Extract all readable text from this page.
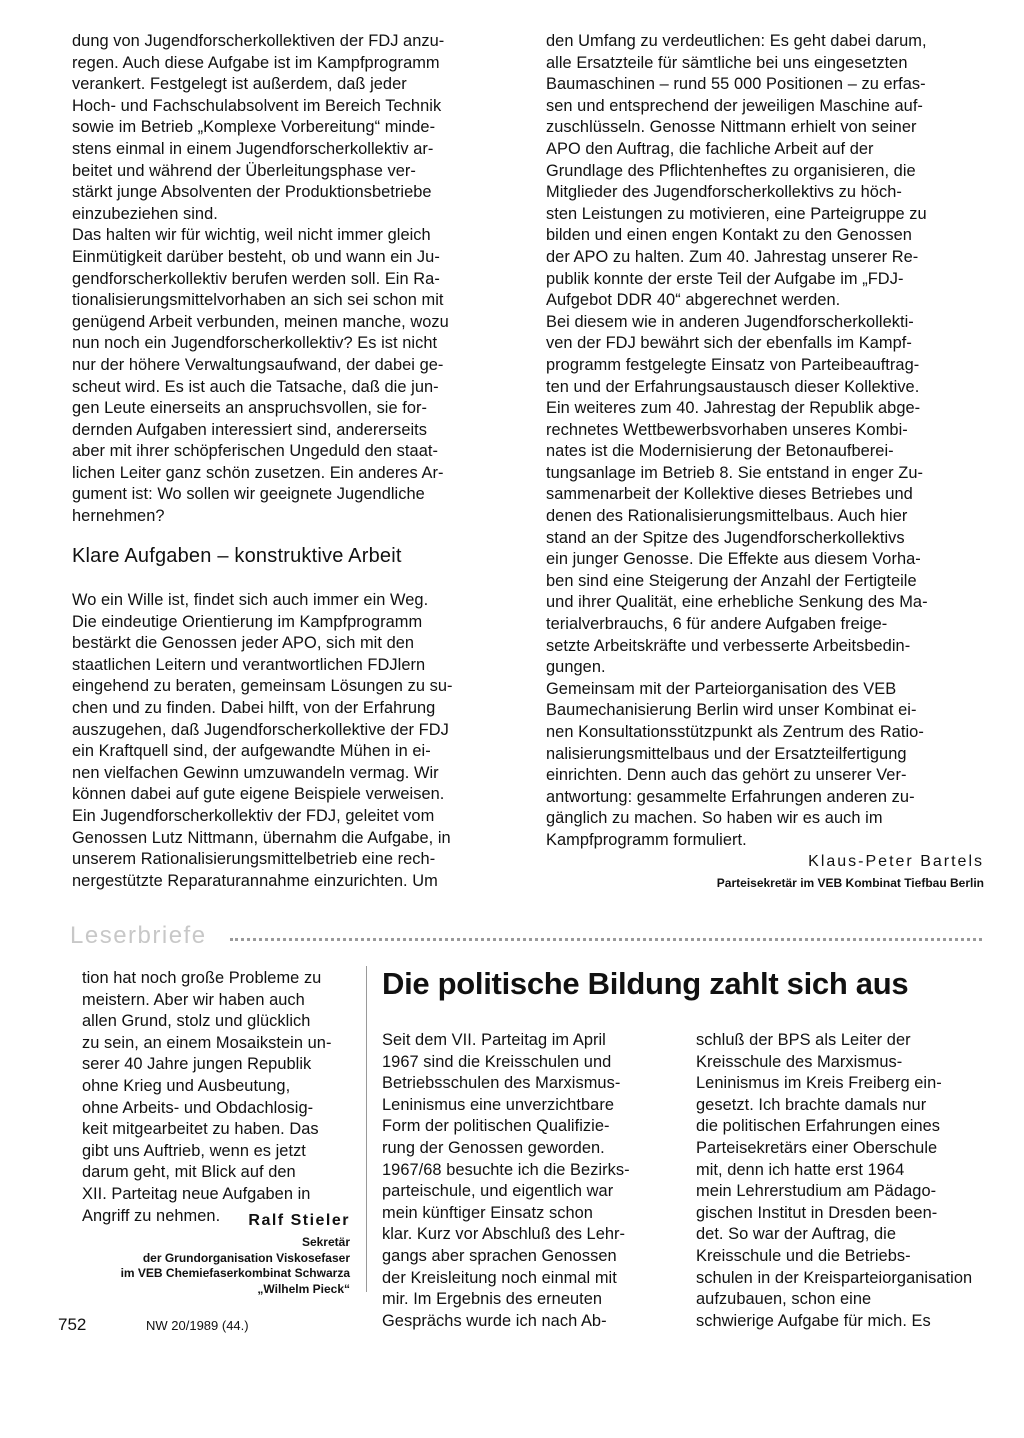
dung von Jugendforscherkollektiven der FDJ anzu-
regen. Auch diese Aufgabe ist im Kampfprogramm
verankert. Festgelegt ist außerdem, daß jeder
Hoch- und Fachschulabsolvent im Bereich Technik
sowie im Betrieb „Komplexe Vorbereitung“ minde-
stens einmal in einem Jugendforscherkollektiv ar-
beitet und während der Überleitungsphase ver-
stärkt junge Absolventen der Produktionsbetriebe
einzubeziehen sind.
Das halten wir für wichtig, weil nicht immer gleich
Einmütigkeit darüber besteht, ob und wann ein Ju-
gendforscherkollektiv berufen werden soll. Ein Ra-
tionalisierungsmittelvorhaben an sich sei schon mit
genügend Arbeit verbunden, meinen manche, wozu
nun noch ein Jugendforscherkollektiv? Es ist nicht
nur der höhere Verwaltungsaufwand, der dabei ge-
scheut wird. Es ist auch die Tatsache, daß die jun-
gen Leute einerseits an anspruchsvollen, sie for-
dernden Aufgaben interessiert sind, andererseits
aber mit ihrer schöpferischen Ungeduld den staat-
lichen Leiter ganz schön zusetzen. Ein anderes Ar-
gument ist: Wo sollen wir geeignete Jugendliche
hernehmen?

Klare Aufgaben – konstruktive Arbeit

Wo ein Wille ist, findet sich auch immer ein Weg.
Die eindeutige Orientierung im Kampfprogramm
bestärkt die Genossen jeder APO, sich mit den
staatlichen Leitern und verantwortlichen FDJlern
eingehend zu beraten, gemeinsam Lösungen zu su-
chen und zu finden. Dabei hilft, von der Erfahrung
auszugehen, daß Jugendforscherkollektive der FDJ
ein Kraftquell sind, der aufgewandte Mühen in ei-
nen vielfachen Gewinn umzuwandeln vermag. Wir
können dabei auf gute eigene Beispiele verweisen.
Ein Jugendforscherkollektiv der FDJ, geleitet vom
Genossen Lutz Nittmann, übernahm die Aufgabe, in
unserem Rationalisierungsmittelbetrieb eine rech-
nergestützte Reparaturannahme einzurichten. Um

den Umfang zu verdeutlichen: Es geht dabei darum,
alle Ersatzteile für sämtliche bei uns eingesetzten
Baumaschinen – rund 55 000 Positionen – zu erfas-
sen und entsprechend der jeweiligen Maschine auf-
zuschlüsseln. Genosse Nittmann erhielt von seiner
APO den Auftrag, die fachliche Arbeit auf der
Grundlage des Pflichtenheftes zu organisieren, die
Mitglieder des Jugendforscherkollektivs zu höch-
sten Leistungen zu motivieren, eine Parteigruppe zu
bilden und einen engen Kontakt zu den Genossen
der APO zu halten. Zum 40. Jahrestag unserer Re-
publik konnte der erste Teil der Aufgabe im „FDJ-
Aufgebot DDR 40“ abgerechnet werden.
Bei diesem wie in anderen Jugendforscherkollekti-
ven der FDJ bewährt sich der ebenfalls im Kampf-
programm festgelegte Einsatz von Parteibeauftrag-
ten und der Erfahrungsaustausch dieser Kollektive.
Ein weiteres zum 40. Jahrestag der Republik abge-
rechnetes Wettbewerbsvorhaben unseres Kombi-
nates ist die Modernisierung der Betonaufberei-
tungsanlage im Betrieb 8. Sie entstand in enger Zu-
sammenarbeit der Kollektive dieses Betriebes und
denen des Rationalisierungsmittelbaus. Auch hier
stand an der Spitze des Jugendforscherkollektivs
ein junger Genosse. Die Effekte aus diesem Vorha-
ben sind eine Steigerung der Anzahl der Fertigteile
und ihrer Qualität, eine erhebliche Senkung des Ma-
terialverbrauchs, 6 für andere Aufgaben freige-
setzte Arbeitskräfte und verbesserte Arbeitsbedin-
gungen.
Gemeinsam mit der Parteiorganisation des VEB
Baumechanisierung Berlin wird unser Kombinat ei-
nen Konsultationsstützpunkt als Zentrum des Ratio-
nalisierungsmittelbaus und der Ersatzteilfertigung
einrichten. Denn auch das gehört zu unserer Ver-
antwortung: gesammelte Erfahrungen anderen zu-
gänglich zu machen. So haben wir es auch im
Kampfprogramm formuliert.

Klaus-Peter Bartels

Parteisekretär im VEB Kombinat Tiefbau Berlin

Leserbriefe

tion hat noch große Probleme zu
meistern. Aber wir haben auch
allen Grund, stolz und glücklich
zu sein, an einem Mosaikstein un-
serer 40 Jahre jungen Republik
ohne Krieg und Ausbeutung,
ohne Arbeits- und Obdachlosig-
keit mitgearbeitet zu haben. Das
gibt uns Auftrieb, wenn es jetzt
darum geht, mit Blick auf den
XII. Parteitag neue Aufgaben in
Angriff zu nehmen.	Ralf Stieler

Sekretär
der Grundorganisation Viskosefaser
im VEB Chemiefaserkombinat Schwarza
„Wilhelm Pieck“

Die politische Bildung zahlt sich aus

Seit dem VII. Parteitag im April
1967 sind die Kreisschulen und
Betriebsschulen des Marxismus-
Leninismus eine unverzichtbare
Form der politischen Qualifizie-
rung der Genossen geworden.
1967/68 besuchte ich die Bezirks-
parteischule, und eigentlich war
mein künftiger Einsatz schon
klar. Kurz vor Abschluß des Lehr-
gangs aber sprachen Genossen
der Kreisleitung noch einmal mit
mir. Im Ergebnis des erneuten
Gesprächs wurde ich nach Ab-

schluß der BPS als Leiter der
Kreisschule des Marxismus-
Leninismus im Kreis Freiberg ein-
gesetzt. Ich brachte damals nur
die politischen Erfahrungen eines
Parteisekretärs einer Oberschule
mit, denn ich hatte erst 1964
mein Lehrerstudium am Pädago-
gischen Institut in Dresden been-
det. So war der Auftrag, die
Kreisschule und die Betriebs-
schulen in der Kreisparteiorganisation
aufzubauen, schon eine
schwierige Aufgabe für mich. Es

752	NW 20/1989 (44.)
